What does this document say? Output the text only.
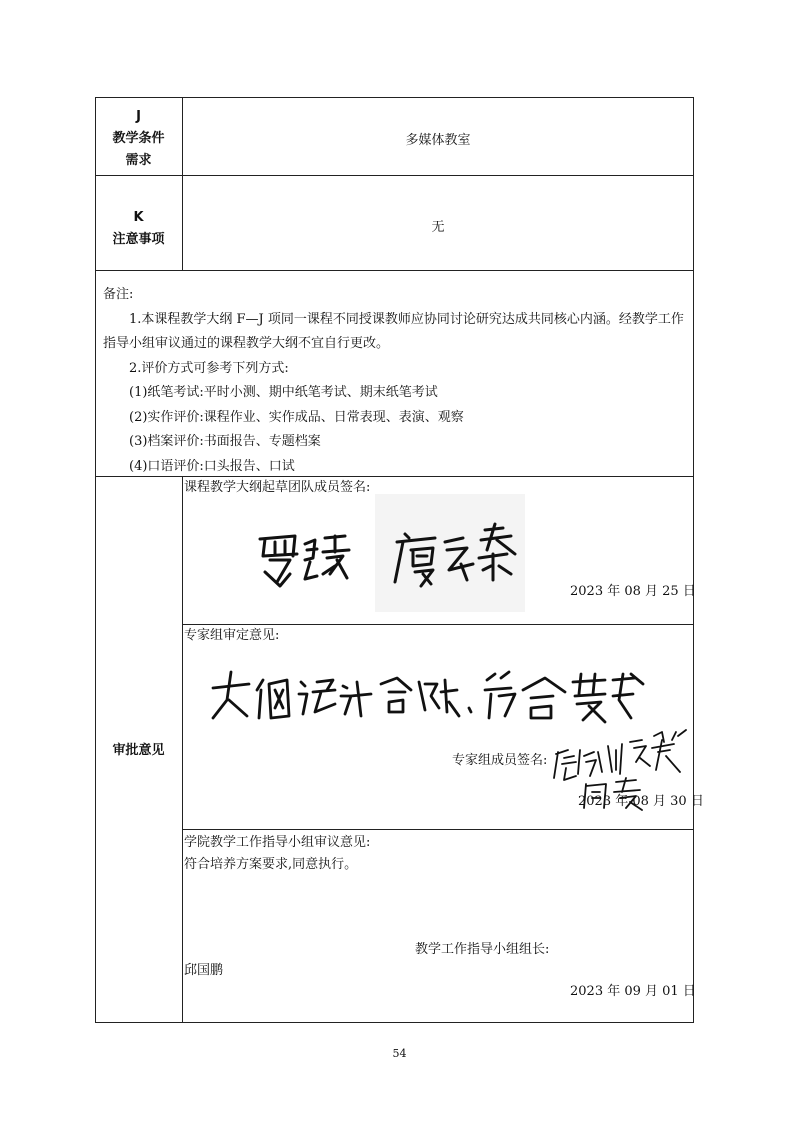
J
教学条件
需求
多媒体教室
K
注意事项
无

备注:

1.本课程教学大纲 F—J 项同一课程不同授课教师应协同讨论研究达成共同核心内涵。经教学工作指导小组审议通过的课程教学大纲不宜自行更改。

2.评价方式可参考下列方式:

(1)纸笔考试:平时小测、期中纸笔考试、期末纸笔考试

(2)实作评价:课程作业、实作成品、日常表现、表演、观察

(3)档案评价:书面报告、专题档案

(4)口语评价:口头报告、口试

审批意见
课程教学大纲起草团队成员签名:
2023 年 08 月 25 日
专家组审定意见:
专家组成员签名:
2023 年 08 月 30 日
学院教学工作指导小组审议意见:
符合培养方案要求,同意执行。
教学工作指导小组组长:
邱国鹏
2023 年 09 月 01 日
54
